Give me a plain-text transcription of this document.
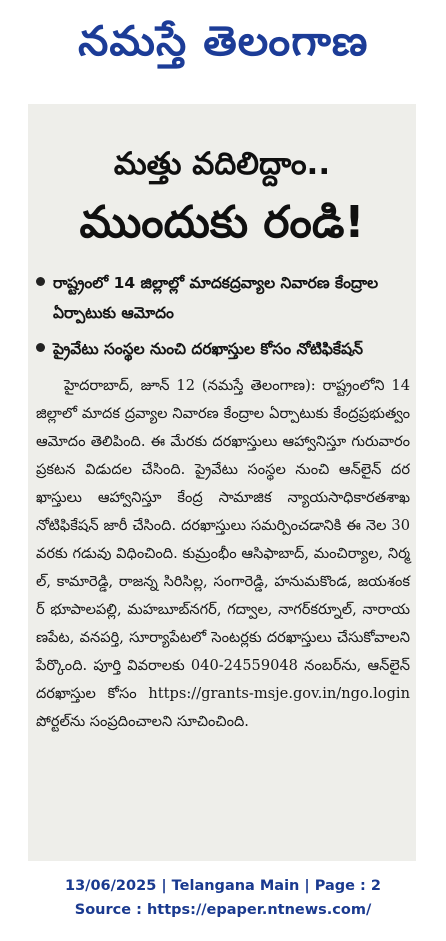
నమస్తే తెలంగాణ
మత్తు వదిలిద్దాం..
ముందుకు రండి!
రాష్ట్రంలో 14 జిల్లాల్లో మాదకద్రవ్యాల నివారణ కేంద్రాల ఏర్పాటుకు ఆమోదం
ప్రైవేటు సంస్థల నుంచి దరఖాస్తుల కోసం నోటిఫికేషన్
హైదరాబాద్, జూన్ 12 (నమస్తే తెలంగాణ): రాష్ట్రంలోని 14 జిల్లాలో మాదక ద్రవ్యాల నివారణ కేంద్రాల ఏర్పాటుకు కేంద్రప్రభుత్వం ఆమోదం తెలిపింది. ఈ మేరకు దరఖాస్తులు ఆహ్వానిస్తూ గురువారం ప్రకటన విడుదల చేసింది. ప్రైవేటు సంస్థల నుంచి ఆన్‌లైన్ దరఖాస్తులు ఆహ్వానిస్తూ కేంద్ర సామాజిక న్యాయసాధికారతశాఖ నోటిఫికేషన్ జారీ చేసింది. దరఖాస్తులు సమర్పించడానికి ఈ నెల 30 వరకు గడువు విధించింది. కుమ్రంభీం ఆసిఫాబాద్, మంచిర్యాల, నిర్మల్, కామారెడ్డి, రాజన్న సిరిసిల్ల, సంగారెడ్డి, హనుమకొండ, జయశంకర్ భూపాలపల్లి, మహబూబ్‌నగర్, గద్వాల, నాగర్‌కర్నూల్, నారాయణపేట, వనపర్తి, సూర్యాపేటలో సెంటర్లకు దరఖాస్తులు చేసుకోవాలని పేర్కొంది. పూర్తి వివరాలకు 040-24559048 నంబర్‌ను, ఆన్‌లైన్ దరఖాస్తుల కోసం https://grants-msje.gov.in/ngo.login పోర్టల్‌ను సంప్రదించాలని సూచించింది.
13/06/2025 | Telangana Main | Page : 2
Source : https://epaper.ntnews.com/
